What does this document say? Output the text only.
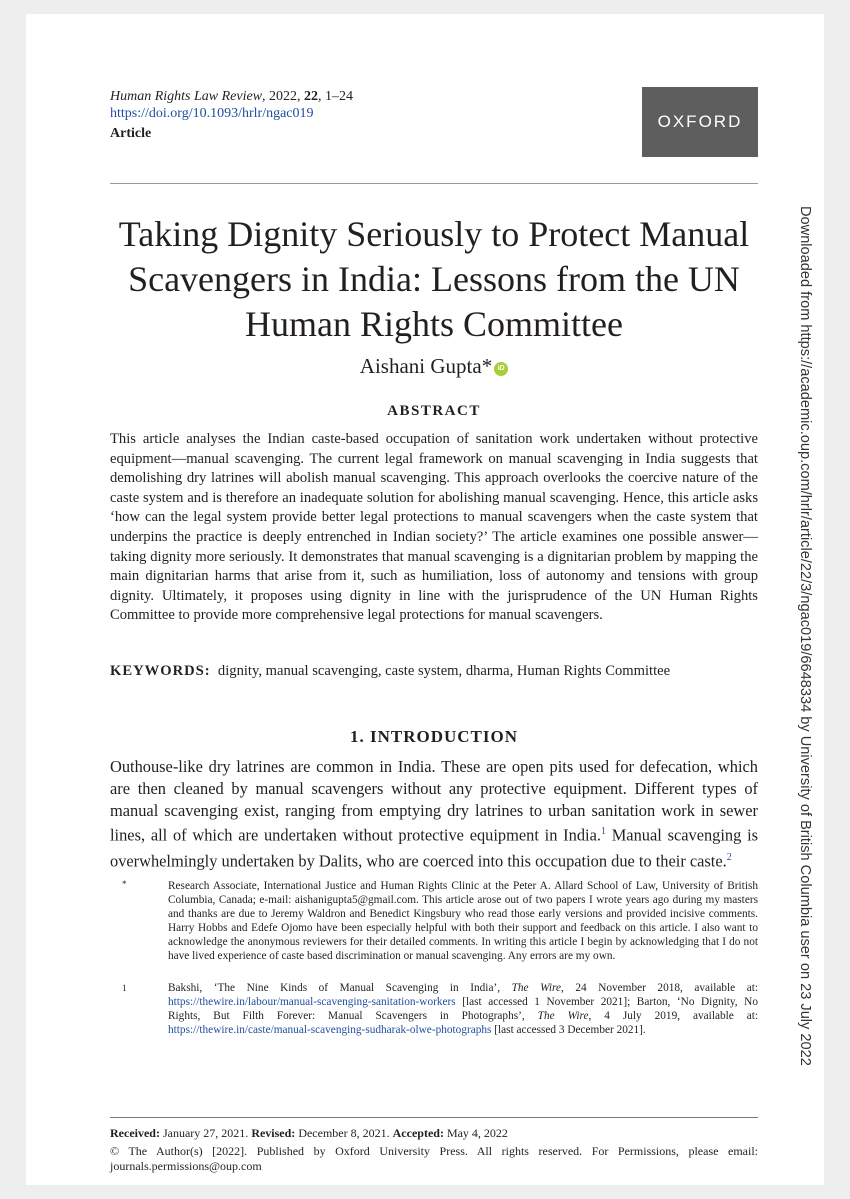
Human Rights Law Review, 2022, 22, 1–24
https://doi.org/10.1093/hrlr/ngac019
Article
OXFORD
Taking Dignity Seriously to Protect Manual
Scavengers in India: Lessons from the UN
Human Rights Committee
Aishani Gupta* iD
ABSTRACT
This article analyses the Indian caste-based occupation of sanitation work undertaken without protective equipment—manual scavenging. The current legal framework on manual scavenging in India suggests that demolishing dry latrines will abolish manual scavenging. This approach overlooks the coercive nature of the caste system and is therefore an inadequate solution for abolishing manual scavenging. Hence, this article asks ‘how can the legal system provide better legal protections to manual scavengers when the caste system that underpins the practice is deeply entrenched in Indian society?’ The article examines one possible answer—taking dignity more seriously. It demonstrates that manual scavenging is a dignitarian problem by mapping the main dignitarian harms that arise from it, such as humiliation, loss of autonomy and tensions with group dignity. Ultimately, it proposes using dignity in line with the jurisprudence of the UN Human Rights Committee to provide more comprehensive legal protections for manual scavengers.
KEYWORDS: dignity, manual scavenging, caste system, dharma, Human Rights Committee
1. INTRODUCTION
Outhouse-like dry latrines are common in India. These are open pits used for defecation, which are then cleaned by manual scavengers without any protective equipment. Different types of manual scavenging exist, ranging from emptying dry latrines to urban sanitation work in sewer lines, all of which are undertaken without protective equipment in India.$^1$ Manual scavenging is overwhelmingly undertaken by Dalits, who are coerced into this occupation due to their caste.$^2$
*	Research Associate, International Justice and Human Rights Clinic at the Peter A. Allard School of Law, University of British Columbia, Canada; e-mail: aishanigupta5@gmail.com. This article arose out of two papers I wrote years ago during my masters and thanks are due to Jeremy Waldron and Benedict Kingsbury who read those early versions and provided incisive comments. Harry Hobbs and Edefe Ojomo have been especially helpful with both their support and feedback on this article. I also want to acknowledge the anonymous reviewers for their detailed comments. In writing this article I begin by acknowledging that I do not have lived experience of caste based discrimination or manual scavenging. Any errors are my own.
1	Bakshi, ‘The Nine Kinds of Manual Scavenging in India’, The Wire, 24 November 2018, available at: https://thewire.in/labour/manual-scavenging-sanitation-workers [last accessed 1 November 2021]; Barton, ‘No Dignity, No Rights, But Filth Forever: Manual Scavengers in Photographs’, The Wire, 4 July 2019, available at: https://thewire.in/caste/manual-scavenging-sudharak-olwe-photographs [last accessed 3 December 2021].
Received: January 27, 2021. Revised: December 8, 2021. Accepted: May 4, 2022
© The Author(s) [2022]. Published by Oxford University Press. All rights reserved. For Permissions, please email: journals.permissions@oup.com
Downloaded from https://academic.oup.com/hrlr/article/22/3/ngac019/6648334 by University of British Columbia user on 23 July 2022
